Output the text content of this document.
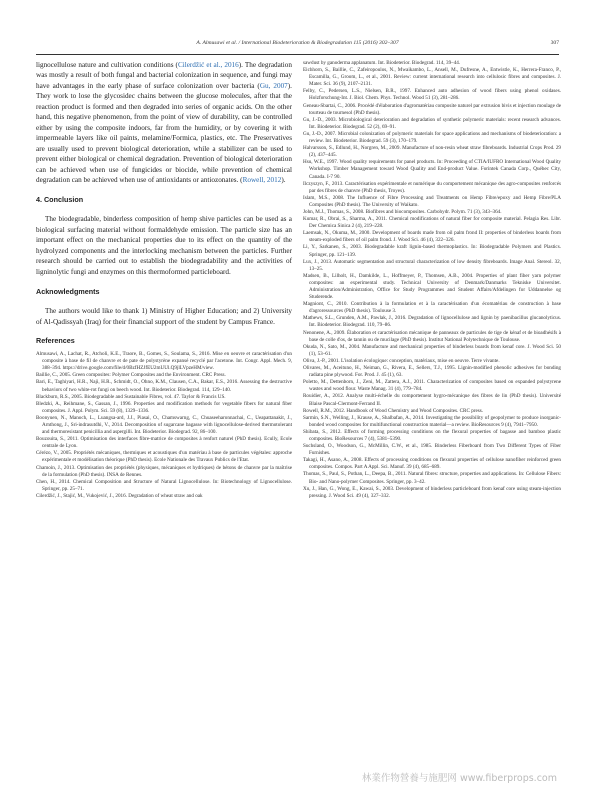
A. Almusawi et al. / International Biodeterioration & Biodegradation 115 (2016) 302–307	307

lignocellulose nature and cultivation conditions (Cilerdžić et al., 2016). The degradation was mostly a result of both fungal and bacterial colonization in sequence, and fungi may have advantages in the early phase of surface colonization over bacteria (Gu, 2007). They work to lose the glycosidec chains between the glucose molecules, after that the reaction product is formed and then degraded into series of organic acids. On the other hand, this negative phenomenon, from the point of view of durability, can be controlled either by using the composite indoors, far from the humidity, or by covering it with impermeable layers like oil paints, melamine/Formica, plastics, etc. The Preservatives are usually used to prevent biological deterioration, while a stabilizer can be used to prevent either biological or chemical degradation. Prevention of biological deterioration can be achieved when use of fungicides or biocide, while prevention of chemical degradation can be achieved when use of antioxidants or antiozonates. (Rowell, 2012).

4. Conclusion

The biodegradable, binderless composition of hemp shive particles can be used as a biological surfacing material without formaldehyde emission. The particle size has an important effect on the mechanical properties due to its effect on the quantity of the hydrolyzed components and the interlocking mechanism between the particles. Further research should be carried out to establish the biodegradability and the activities of ligninolytic fungi and enzymes on this thermoformed particleboard.

Acknowledgments

The authors would like to thank 1) Ministry of Higher Education; and 2) University of Al-Qadissyah (Iraq) for their financial support of the student by Campus France.

References

Almusawi, A., Lachat, R., Atcholi, K.E., Traore, B., Gomes, S., Soulama, S., 2016. Mise en oeuvre et caractérisation d'un composite à base de fil de chanvre et de pate de polystyrène expansé recyclé par l'acetone. Int. Congr. Appl. Mech. 9, 388–394. https://drive.google.com/file/d/0BzfHZJfEU2mUUl.Q9jlLVpzeHM/view.

Baillie, C., 2005. Green composites: Polymer Composites and the Environment. CRC Press.

Bari, E., Taghiyari, H.R., Naji, H.R., Schmidt, O., Ohno, K.M., Clausen, C.A., Bakar, E.S., 2016. Assessing the destructive behaviors of two white-rot fungi on beech wood. Int. Biodeterior. Biodegrad. 114, 129–140.

Blackburn, R.S., 2005. Biodegradable and Sustainable Fibres, vol. 47. Taylor & Francis US.

Bledzki, A., Reihmane, S., Gassan, J., 1996. Properties and modification methods for vegetable fibers for natural fiber composites. J. Appl. Polym. Sci. 59 (8), 1329–1336.

Boonyuen, N., Manoch, L., Luangsa-ard, J.J., Piasai, O., Chamswarng, C., Chuaseeharonnachai, C., Ueapattanakit, J., Arnthong, J., Sri-indrasutdhi, V., 2014. Decomposition of sugarcane bagasse with lignocellulose-derived thermotolerant and thermoresistant penicillia and aspergilli. Int. Biodeterior. Biodegrad. 92, 86–100.

Bouzouita, S., 2011. Optimisation des interfaces fibre-matrice de composites à renfort naturel (PhD thesis). Ecully, Ecole centrale de Lyon.

Cérézo, V., 2005. Propriétés mécaniques, thermiques et acoustiques d'un matériau à base de particules végétales: approche expérimentale et modélisation théorique (PhD thesis). Ecole Nationale des Travaux Publics de l'Etat.

Chamoin, J., 2013. Optimisation des propriétés (physiques, mécaniques et hydriques) de bétons de chanvre par la maîtrise de la formulation (PhD thesis). INSA de Rennes.

Chen, H., 2014. Chemical Composition and Structure of Natural Lignocellulose. In: Biotechnology of Lignocellulose. Springer, pp. 25–71.

Cilerdžić, J., Stajić, M., Vukojević, J., 2016. Degradation of wheat straw and oak

sawdust by ganoderma applanatum. Int. Biodeterior. Biodegrad. 114, 39–44.

Eichhorn, S., Baillie, C., Zafeiropoulos, N., Mwaikambo, L., Ansell, M., Dufresne, A., Entwistle, K., Herrera-Franco, P., Escamilla, G., Groom, L., et al., 2001. Review: current international research into cellulosic fibres and composites. J. Mater. Sci. 36 (9), 2107–2131.

Felby, C., Pedersen, L.S., Nielsen, B.R., 1997. Enhanced auto adhesion of wood fibers using phenol oxidases. Holzforschung-Int. J. Biol. Chem. Phys. Technol. Wood 51 (3), 281–286.

Geneau-Sbartai, C., 2006. Procédé d'élaboration d'agromatériau composite naturel par extrusion bivis et injection moulage de tourteau de tournesol (PhD thesis).

Gu, J.-D., 2003. Microbiological deterioration and degradation of synthetic polymeric materials: recent research advances. Int. Biodeterior. Biodegrad. 52 (2), 69–91.

Gu, J.-D., 2007. Microbial colonization of polymeric materials for space applications and mechanisms of biodeterioration: a review. Int. Biodeterior. Biodegrad. 59 (3), 170–179.

Halvarsson, S., Edlund, H., Norgren, M., 2009. Manufacture of non-resin wheat straw fibreboards. Industrial Crops Prod. 29 (2), 437–445.

Hsu, W.E., 1997. Wood quality requirements for panel products. In: Proceeding of CTIA/IUFRO International Wood Quality Workshop. Timber Management toward Wood Quality and End-product Value. Forintek Canada Corp., Québec City, Canada. I-7 90.

Ilczyszyn, F., 2013. Caractérisation expérimentale et numérique du comportement mécanique des agro-composites renforcés par des fibres de chanvre (PhD thesis, Troyes).

Islam, M.S., 2008. The Influence of Fibre Processing and Treatments on Hemp Fibre/epoxy and Hemp Fibre/PLA Composites (PhD thesis). The University of Waikato.

John, M.J., Thomas, S., 2008. Biofibres and biocomposites. Carbohydr. Polym. 71 (3), 343–364.

Kumar, R., Obrai, S., Sharma, A., 2011. Chemical modifications of natural fiber for composite material. Pelagia Res. Libr. Der Chemica Sinica 2 (4), 219–228.

Laemsak, N., Okuma, M., 2000. Development of boards made from oil palm frond II: properties of binderless boards from steam-exploded fibers of oil palm frond. J. Wood Sci. 46 (4), 322–326.

Li, Y., Sarkanen, S., 2003. Biodegradable kraft lignin-based thermoplastics. In: Biodegradable Polymers and Plastics. Springer, pp. 121–139.

Lux, J., 2013. Automatic segmentation and structural characterization of low density fibreboards. Image Anal. Stereol. 32, 13–25.

Madsen, B., Lilholt, H., Damkilde, L., Hoffmeyer, P., Thomsen, A.B., 2004. Properties of plant fiber yarn polymer composites: an experimental study. Technical University of Denmark/Danmarks Tekniske Universitet. Administration/Administration, Office for Study Programmes and Student Affairs/Afdelingen for Uddannelse og Studerende.

Magniont, C., 2010. Contribution à la formulation et à la caractérisation d'un écomatériau de construction à base d'agroressources (PhD thesis). Toulouse 3.

Mathews, S.L., Grunden, A.M., Pawlak, J., 2016. Degradation of lignocellulose and lignin by paenibacillus glucanolyticus. Int. Biodeterior. Biodegrad. 110, 79–86.

Nenonene, A., 2009. Élaboration et caractérisation mécanique de panneaux de particules de tige de kénaf et de bioadhésifs à base de colle d'os, de tannin ou de mucilage (PhD thesis). Institut National Polytechnique de Toulouse.

Okuda, N., Sato, M., 2004. Manufacture and mechanical properties of binderless boards from kenaf core. J. Wood Sci. 50 (1), 53–61.

Oliva, J.-P., 2001. L'isolation écologique: conception, matériaux, mise en oeuvre. Terre vivante.

Olivares, M., Aceituno, H., Neiman, G., Rivera, E., Sellers, T.J., 1995. Lignin-modified phenolic adhesives for bonding radiata pine plywood. For. Prod. J. 45 (1), 63.

Poletto, M., Dettenborn, J., Zeni, M., Zattera, A.J., 2011. Characterization of composites based on expanded polystyrene wastes and wood flour. Waste Manag. 31 (4), 779–784.

Rouidier, A., 2012. Analyse multi-échelle du comportement hygro-mécanique des fibres de lin (PhD thesis). Université Blaise Pascal-Clermont-Ferrand II.

Rowell, R.M., 2012. Handbook of Wood Chemistry and Wood Composites. CRC press.

Sarmin, S.N., Welling, J., Krause, A., Shalbafan, A., 2014. Investigating the possibility of geopolymer to produce inorganic-bonded wood composites for multifunctional construction material—a review. BioResources 9 (4), 7941–7950.

Shibata, S., 2012. Effects of forming processing conditions on the flexural properties of bagasse and bamboo plastic composites. BioResources 7 (4), 5381–5390.

Suchsland, O., Woodson, G., McMillin, C.W., et al., 1985. Binderless Fiberboard from Two Different Types of Fiber Furnishes.

Takagi, H., Asano, A., 2008. Effects of processing conditions on flexural properties of cellulose nanofiber reinforced green composites. Compos. Part A Appl. Sci. Manuf. 39 (4), 685–689.

Thomas, S., Paul, S., Pothan, L., Deepa, B., 2011. Natural fibres: structure, properties and applications. In: Cellulose Fibers: Bio- and Nano-polymer Composites. Springer, pp. 3–42.

Xu, J., Han, G., Wong, E., Kawai, S., 2003. Development of binderless particleboard from kenaf core using steam-injection pressing. J. Wood Sci. 49 (4), 327–332.

林業作物營養与施肥网 www.fiberprops.com
